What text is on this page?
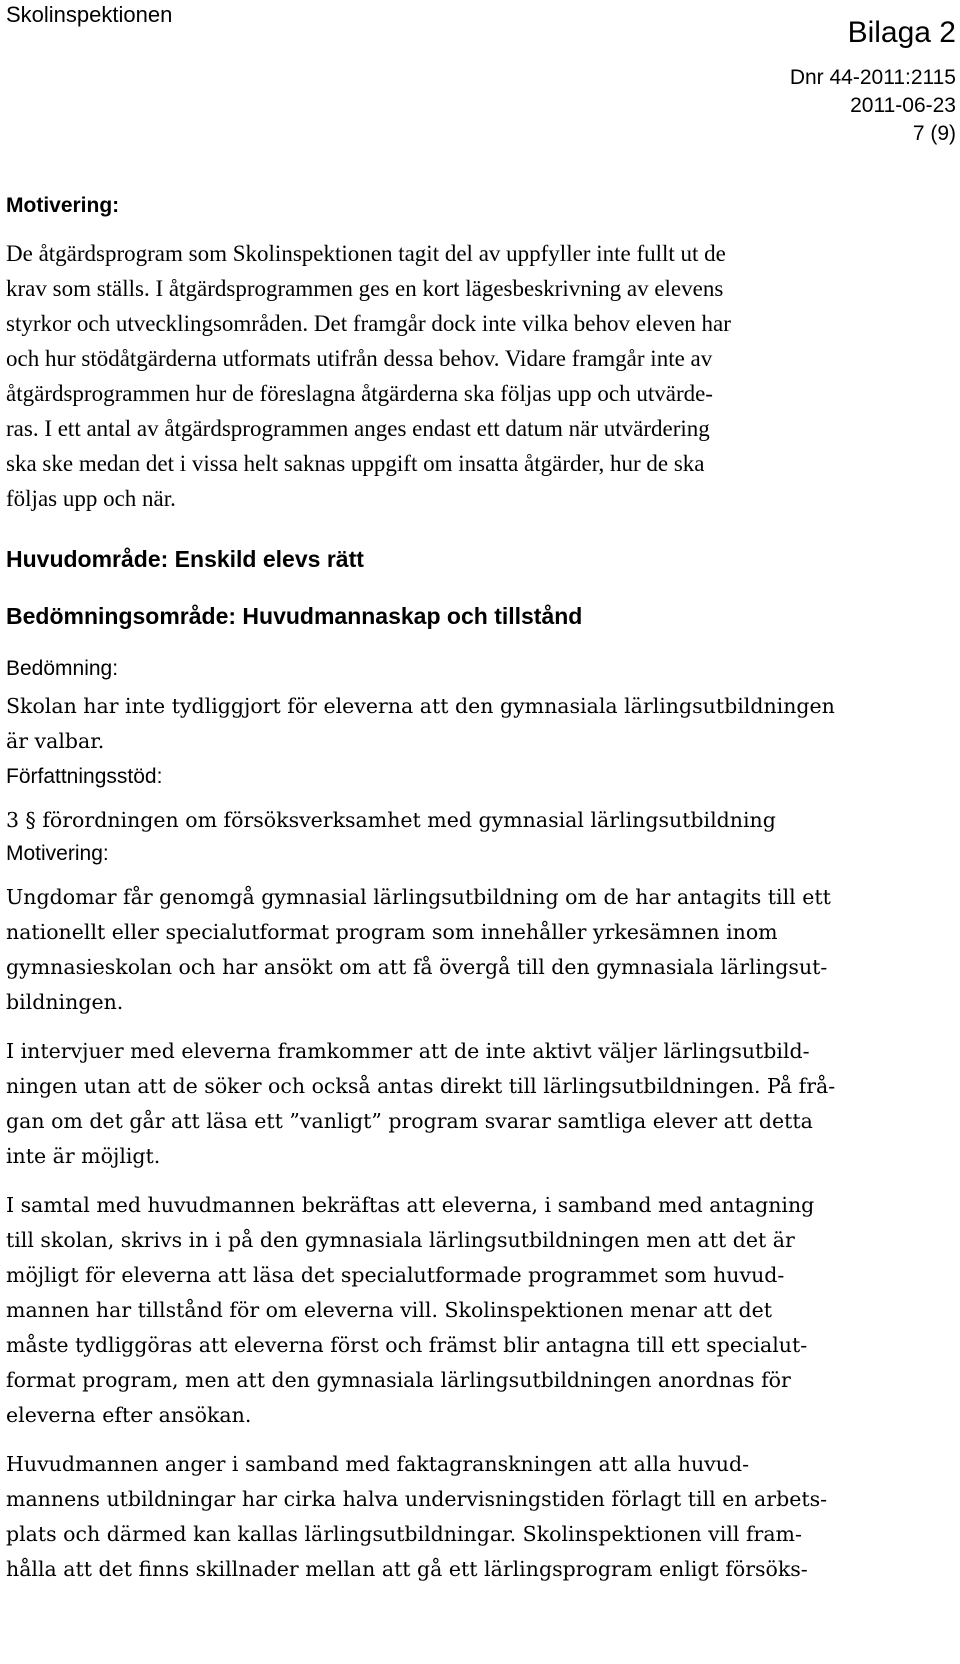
Skolinspektionen
Bilaga 2
Dnr 44-2011:2115
2011-06-23
7 (9)
Motivering:

De åtgärdsprogram som Skolinspektionen tagit del av uppfyller inte fullt ut de
krav som ställs. I åtgärdsprogrammen ges en kort lägesbeskrivning av elevens
styrkor och utvecklingsområden. Det framgår dock inte vilka behov eleven har
och hur stödåtgärderna utformats utifrån dessa behov. Vidare framgår inte av
åtgärdsprogrammen hur de föreslagna åtgärderna ska följas upp och utvärde-
ras. I ett antal av åtgärdsprogrammen anges endast ett datum när utvärdering
ska ske medan det i vissa helt saknas uppgift om insatta åtgärder, hur de ska
följas upp och när.

Huvudområde: Enskild elevs rätt
Bedömningsområde: Huvudmannaskap och tillstånd
Bedömning:

Skolan har inte tydliggjort för eleverna att den gymnasiala lärlingsutbildningen
är valbar.

Författningsstöd:

3 § förordningen om försöksverksamhet med gymnasial lärlingsutbildning

Motivering:

Ungdomar får genomgå gymnasial lärlingsutbildning om de har antagits till ett
nationellt eller specialutformat program som innehåller yrkesämnen inom
gymnasieskolan och har ansökt om att få övergå till den gymnasiala lärlingsut-
bildningen.

I intervjuer med eleverna framkommer att de inte aktivt väljer lärlingsutbild-
ningen utan att de söker och också antas direkt till lärlingsutbildningen. På frå-
gan om det går att läsa ett ”vanligt” program svarar samtliga elever att detta
inte är möjligt.

I samtal med huvudmannen bekräftas att eleverna, i samband med antagning
till skolan, skrivs in i på den gymnasiala lärlingsutbildningen men att det är
möjligt för eleverna att läsa det specialutformade programmet som huvud-
mannen har tillstånd för om eleverna vill. Skolinspektionen menar att det
måste tydliggöras att eleverna först och främst blir antagna till ett specialut-
format program, men att den gymnasiala lärlingsutbildningen anordnas för
eleverna efter ansökan.

Huvudmannen anger i samband med faktagranskningen att alla huvud-
mannens utbildningar har cirka halva undervisningstiden förlagt till en arbets-
plats och därmed kan kallas lärlingsutbildningar. Skolinspektionen vill fram-
hålla att det finns skillnader mellan att gå ett lärlingsprogram enligt försöks-
